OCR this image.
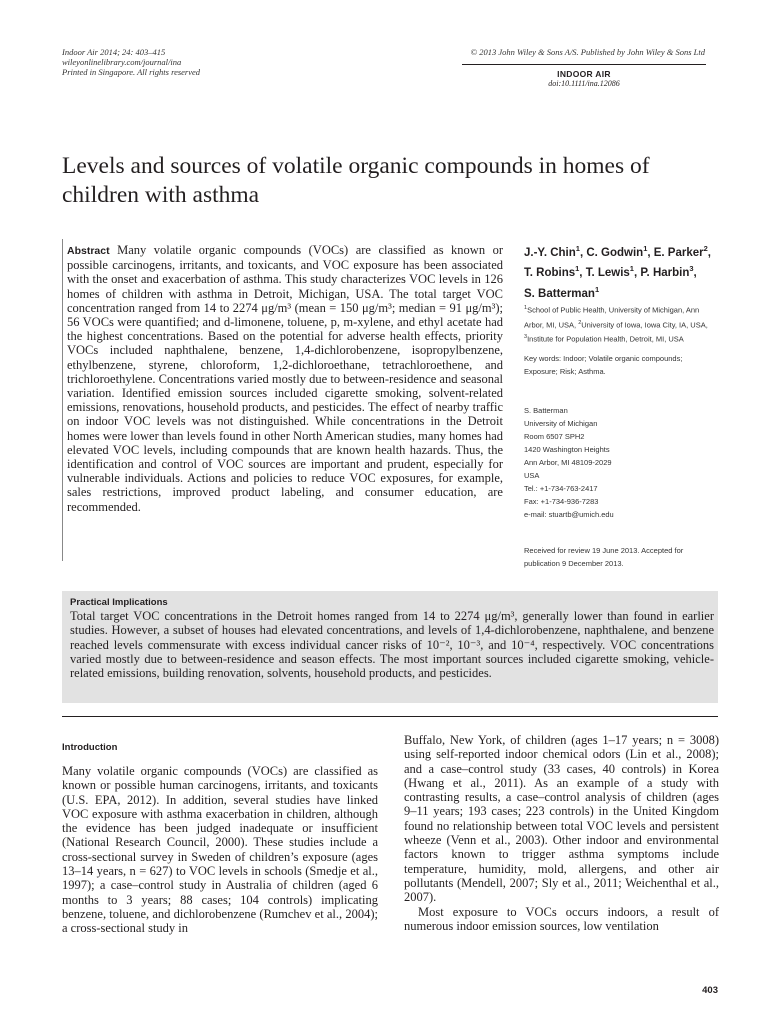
Indoor Air 2014; 24: 403–415
wileyonlinelibrary.com/journal/ina
Printed in Singapore. All rights reserved
© 2013 John Wiley & Sons A/S. Published by John Wiley & Sons Ltd
INDOOR AIR
doi:10.1111/ina.12086
Levels and sources of volatile organic compounds in homes of children with asthma
Abstract Many volatile organic compounds (VOCs) are classified as known or possible carcinogens, irritants, and toxicants, and VOC exposure has been associated with the onset and exacerbation of asthma. This study characterizes VOC levels in 126 homes of children with asthma in Detroit, Michigan, USA. The total target VOC concentration ranged from 14 to 2274 μg/m³ (mean = 150 μg/m³; median = 91 μg/m³); 56 VOCs were quantified; and d-limonene, toluene, p, m-xylene, and ethyl acetate had the highest concentrations. Based on the potential for adverse health effects, priority VOCs included naphthalene, benzene, 1,4-dichlorobenzene, isopropylbenzene, ethylbenzene, styrene, chloroform, 1,2-dichloroethane, tetrachloroethene, and trichloroethylene. Concentrations varied mostly due to between-residence and seasonal variation. Identified emission sources included cigarette smoking, solvent-related emissions, renovations, household products, and pesticides. The effect of nearby traffic on indoor VOC levels was not distinguished. While concentrations in the Detroit homes were lower than levels found in other North American studies, many homes had elevated VOC levels, including compounds that are known health hazards. Thus, the identification and control of VOC sources are important and prudent, especially for vulnerable individuals. Actions and policies to reduce VOC exposures, for example, sales restrictions, improved product labeling, and consumer education, are recommended.
J.-Y. Chin$^1$, C. Godwin$^1$, E. Parker$^2$,
T. Robins$^1$, T. Lewis$^1$, P. Harbin$^3$,
S. Batterman$^1$
$^1$School of Public Health, University of Michigan, Ann Arbor, MI, USA, $^2$University of Iowa, Iowa City, IA, USA,
$^3$Institute for Population Health, Detroit, MI, USA
Key words: Indoor; Volatile organic compounds; Exposure; Risk; Asthma.
S. Batterman
University of Michigan
Room 6507 SPH2
1420 Washington Heights
Ann Arbor, MI 48109-2029
USA
Tel.: +1-734-763-2417
Fax: +1-734-936-7283
e-mail: stuartb@umich.edu
Received for review 19 June 2013. Accepted for publication 9 December 2013.
Practical Implications
Total target VOC concentrations in the Detroit homes ranged from 14 to 2274 μg/m³, generally lower than found in earlier studies. However, a subset of houses had elevated concentrations, and levels of 1,4-dichlorobenzene, naphthalene, and benzene reached levels commensurate with excess individual cancer risks of 10⁻², 10⁻³, and 10⁻⁴, respectively. VOC concentrations varied mostly due to between-residence and season effects. The most important sources included cigarette smoking, vehicle-related emissions, building renovation, solvents, household products, and pesticides.
Introduction
Many volatile organic compounds (VOCs) are classified as known or possible human carcinogens, irritants, and toxicants (U.S. EPA, 2012). In addition, several studies have linked VOC exposure with asthma exacerbation in children, although the evidence has been judged inadequate or insufficient (National Research Council, 2000). These studies include a cross-sectional survey in Sweden of children’s exposure (ages 13–14 years, n = 627) to VOC levels in schools (Smedje et al., 1997); a case–control study in Australia of children (aged 6 months to 3 years; 88 cases; 104 controls) implicating benzene, toluene, and dichlorobenzene (Rumchev et al., 2004); a cross-sectional study in

Buffalo, New York, of children (ages 1–17 years; n = 3008) using self-reported indoor chemical odors (Lin et al., 2008); and a case–control study (33 cases, 40 controls) in Korea (Hwang et al., 2011). As an example of a study with contrasting results, a case–control analysis of children (ages 9–11 years; 193 cases; 223 controls) in the United Kingdom found no relationship between total VOC levels and persistent wheeze (Venn et al., 2003). Other indoor and environmental factors known to trigger asthma symptoms include temperature, humidity, mold, allergens, and other air pollutants (Mendell, 2007; Sly et al., 2011; Weichenthal et al., 2007).

Most exposure to VOCs occurs indoors, a result of numerous indoor emission sources, low ventilation

403
